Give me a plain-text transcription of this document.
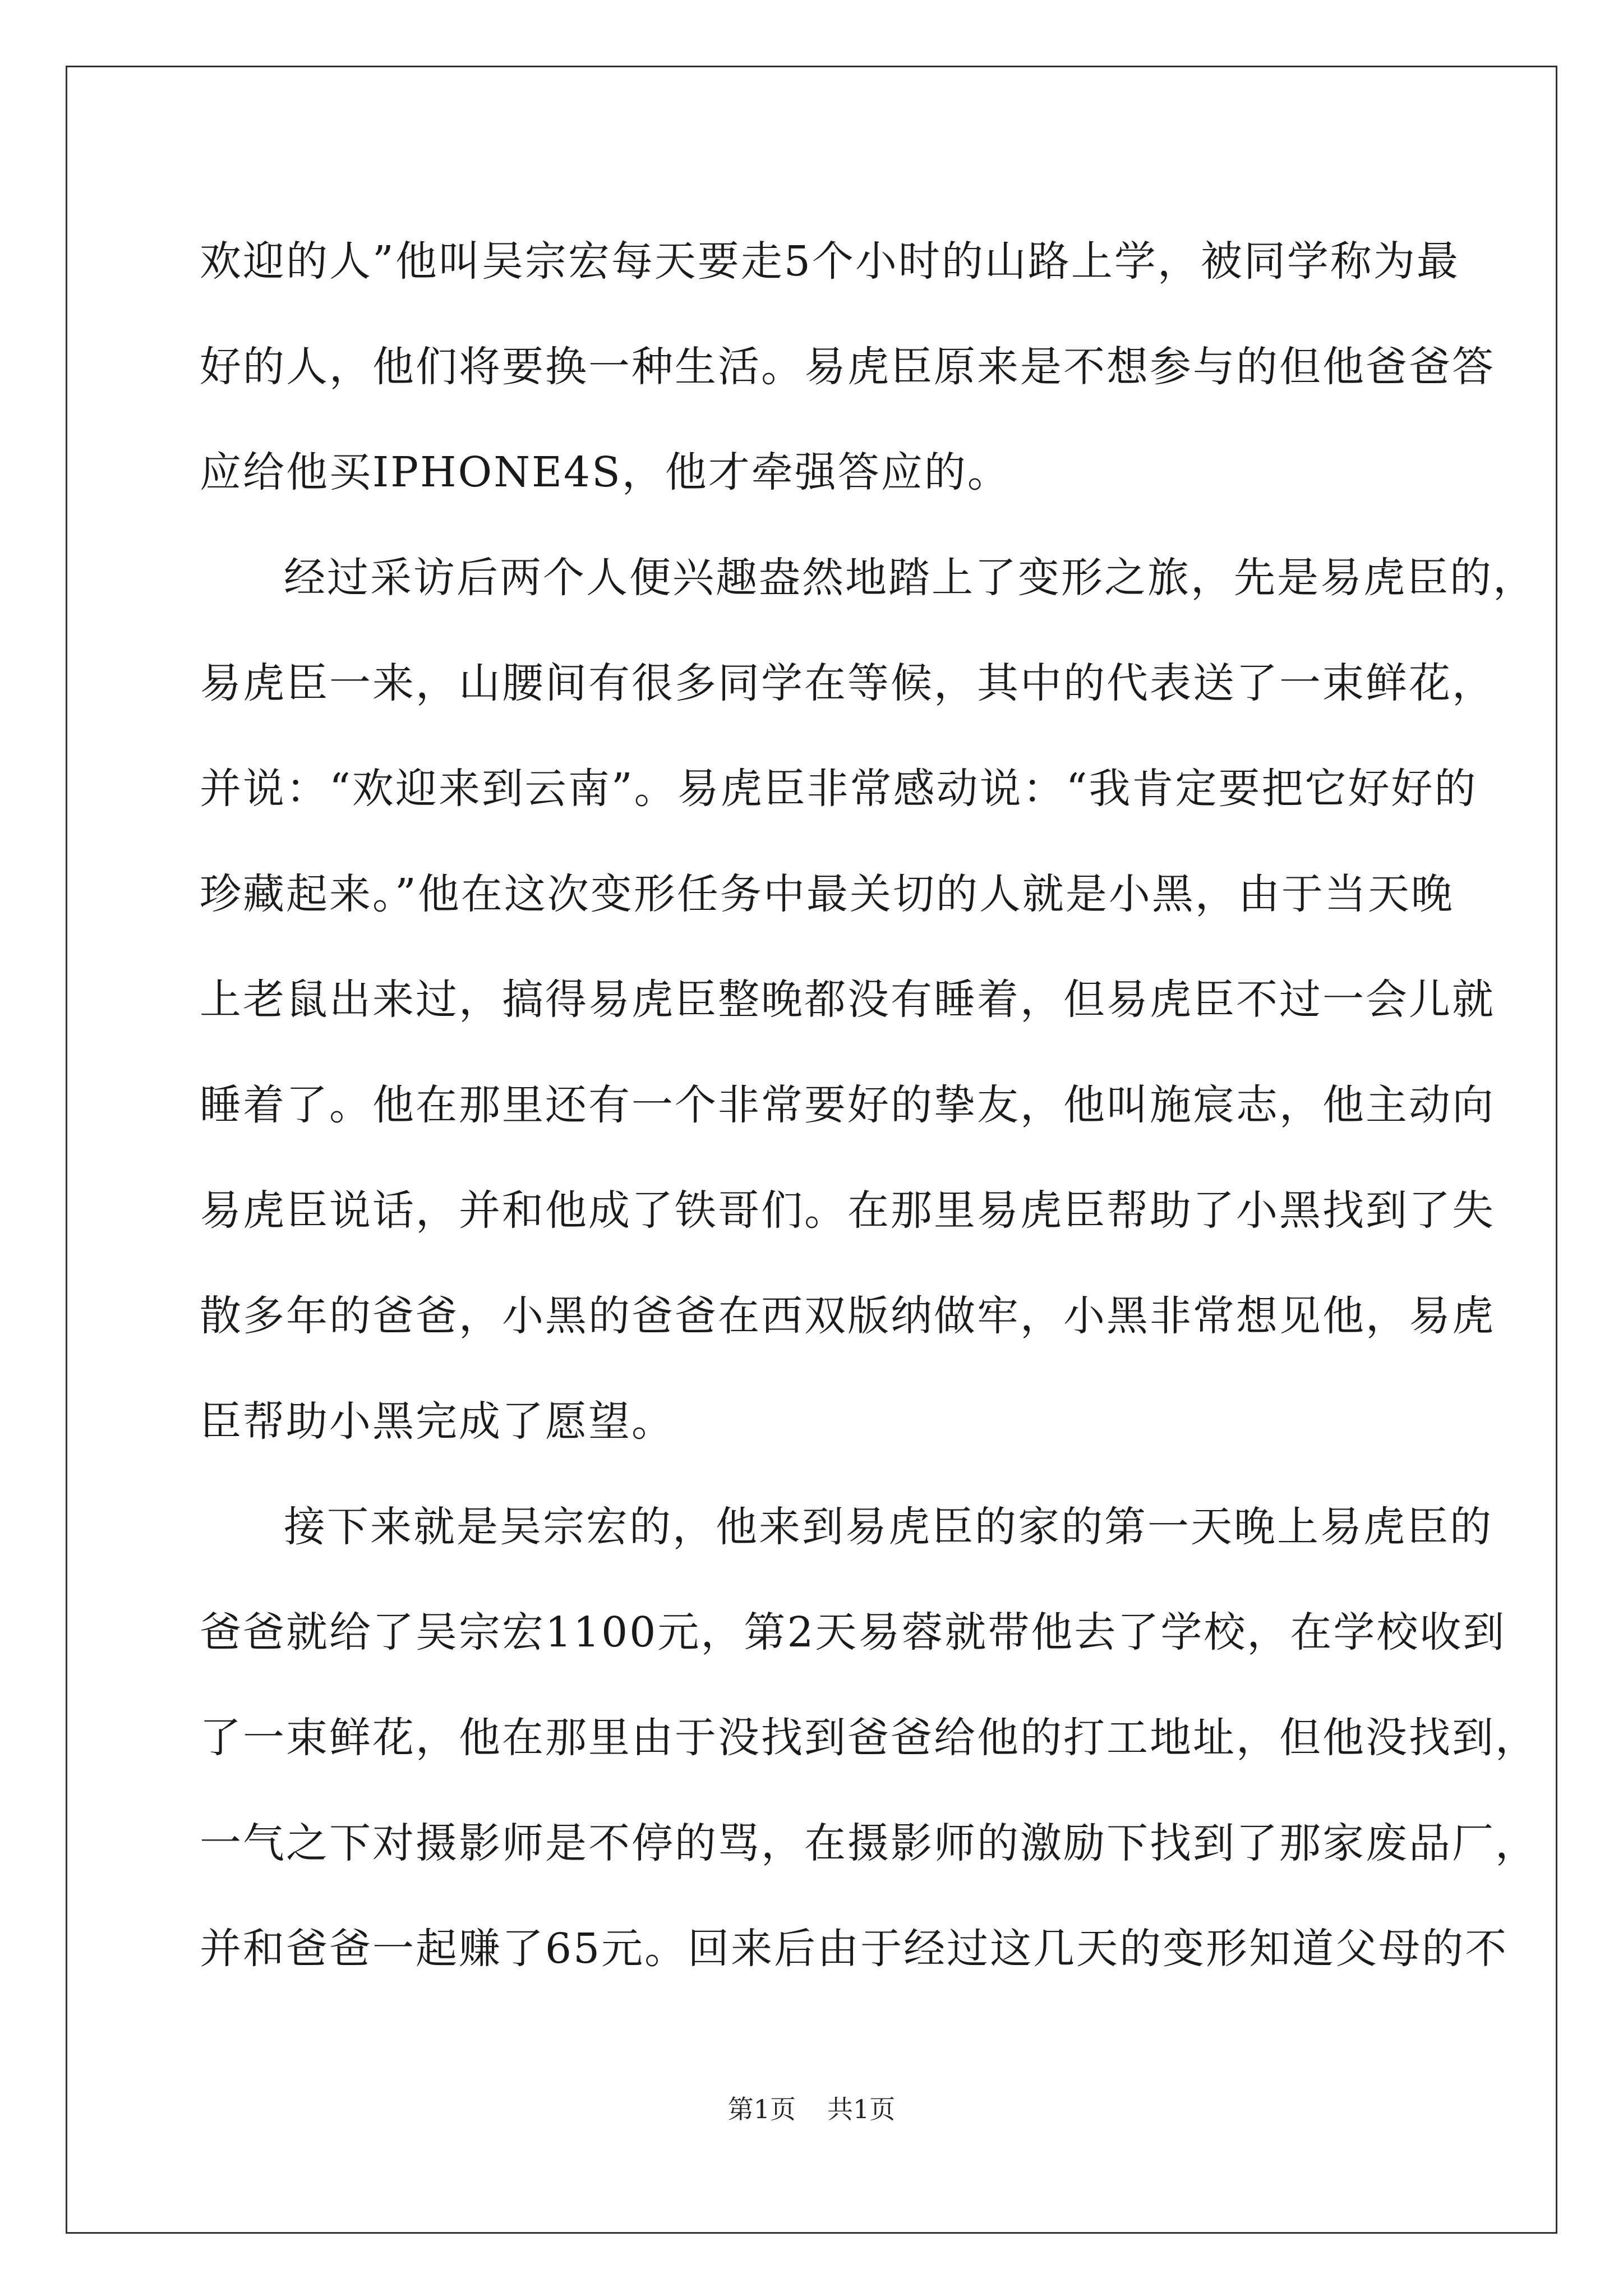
欢迎的人”他叫吴宗宏每天要走5个小时的山路上学，被同学称为最
好的人，他们将要换一种生活。易虎臣原来是不想参与的但他爸爸答
应给他买IPHONE4S，他才牵强答应的。
经过采访后两个人便兴趣盎然地踏上了变形之旅，先是易虎臣的，
易虎臣一来，山腰间有很多同学在等候，其中的代表送了一束鲜花，
并说：“欢迎来到云南”。易虎臣非常感动说：“我肯定要把它好好的
珍藏起来。”他在这次变形任务中最关切的人就是小黑，由于当天晚
上老鼠出来过，搞得易虎臣整晚都没有睡着，但易虎臣不过一会儿就
睡着了。他在那里还有一个非常要好的挚友，他叫施宸志，他主动向
易虎臣说话，并和他成了铁哥们。在那里易虎臣帮助了小黑找到了失
散多年的爸爸，小黑的爸爸在西双版纳做牢，小黑非常想见他，易虎
臣帮助小黑完成了愿望。
接下来就是吴宗宏的，他来到易虎臣的家的第一天晚上易虎臣的
爸爸就给了吴宗宏1100元，第2天易蓉就带他去了学校，在学校收到
了一束鲜花，他在那里由于没找到爸爸给他的打工地址，但他没找到，
一气之下对摄影师是不停的骂，在摄影师的激励下找到了那家废品厂，
并和爸爸一起赚了65元。回来后由于经过这几天的变形知道父母的不
第1页 共1页
